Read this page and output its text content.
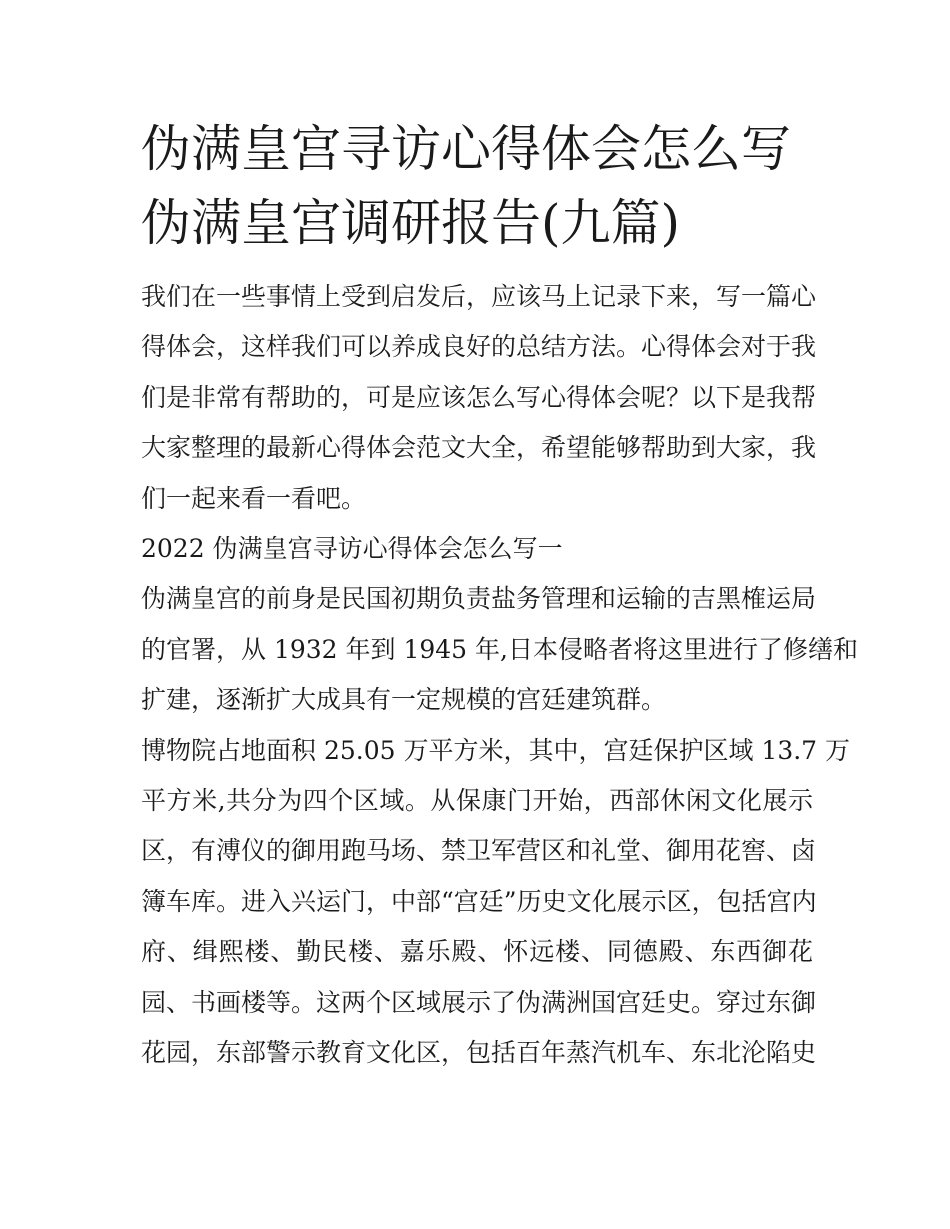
伪满皇宫寻访心得体会怎么写
伪满皇宫调研报告(九篇)
我们在一些事情上受到启发后，应该马上记录下来，写一篇心
得体会，这样我们可以养成良好的总结方法。心得体会对于我
们是非常有帮助的，可是应该怎么写心得体会呢？以下是我帮
大家整理的最新心得体会范文大全，希望能够帮助到大家，我
们一起来看一看吧。
2022 伪满皇宫寻访心得体会怎么写一
伪满皇宫的前身是民国初期负责盐务管理和运输的吉黑榷运局
的官署，从 1932 年到 1945 年,日本侵略者将这里进行了修缮和
扩建，逐渐扩大成具有一定规模的宫廷建筑群。
博物院占地面积 25.05 万平方米，其中，宫廷保护区域 13.7 万
平方米,共分为四个区域。从保康门开始，西部休闲文化展示
区，有溥仪的御用跑马场、禁卫军营区和礼堂、御用花窖、卤
簿车库。进入兴运门，中部“宫廷”历史文化展示区，包括宫内
府、缉熙楼、勤民楼、嘉乐殿、怀远楼、同德殿、东西御花
园、书画楼等。这两个区域展示了伪满洲国宫廷史。穿过东御
花园，东部警示教育文化区，包括百年蒸汽机车、东北沦陷史
